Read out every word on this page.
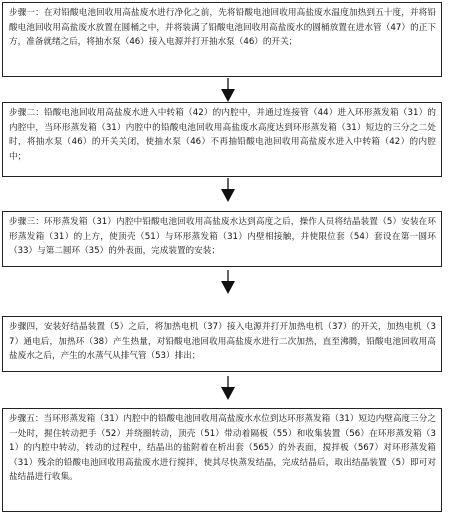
步骤一：在对铅酸电池回收用高盐废水进行净化之前，先将铅酸电池回收用高盐废水温度加热到五十度，并将铅酸电池回收用高盐废水放置在圆桶之中，并将装满了铅酸电池回收用高盐废水的圆桶放置在进水管（47）的正下方，准备就绪之后，将抽水泵（46）接入电源并打开抽水泵（46）的开关；
步骤二：铅酸电池回收用高盐废水进入中转箱（42）的内腔中，并通过连接管（44）进入环形蒸发箱（31）的内腔中，当环形蒸发箱（31）内腔中的铅酸电池回收用高盐废水高度达到环形蒸发箱（31）短边的三分之二处时，将抽水泵（46）的开关关闭，使抽水泵（46）不再抽铅酸电池回收用高盐废水进入中转箱（42）的内腔中；
步骤三：环形蒸发箱（31）内腔中铅酸电池回收用高盐废水达到高度之后，操作人员将结晶装置（5）安装在环形蒸发箱（31）的上方，使顶壳（51）与环形蒸发箱（31）内壁相接触，并使限位套（54）套设在第一圆环（33）与第二圆环（35）的外表面，完成装置的安装；
步骤四，安装好结晶装置（5）之后，将加热电机（37）接入电源并打开加热电机（37）的开关，加热电机（37）通电后，加热环（38）产生热量，对铅酸电池回收用高盐废水进行二次加热，直至沸腾，铅酸电池回收用高盐废水之后，产生的水蒸气从排气管（53）排出；
步骤五：当环形蒸发箱（31）内腔中的铅酸电池回收用高盐废水水位到达环形蒸发箱（31）短边内壁高度三分之一处时，握住转动把手（52）并绕圈转动，顶壳（51）带动着隔板（55）和收集装置（56）在环形蒸发箱（31）的内腔中转动，转动的过程中，结晶出的盐附着在析出套（565）的外表面，搅拌板（567）对环形蒸发箱（31）残余的铅酸电池回收用高盐废水进行搅拌，使其尽快蒸发结晶，完成结晶后，取出结晶装置（5）即可对盐结晶进行收集。
